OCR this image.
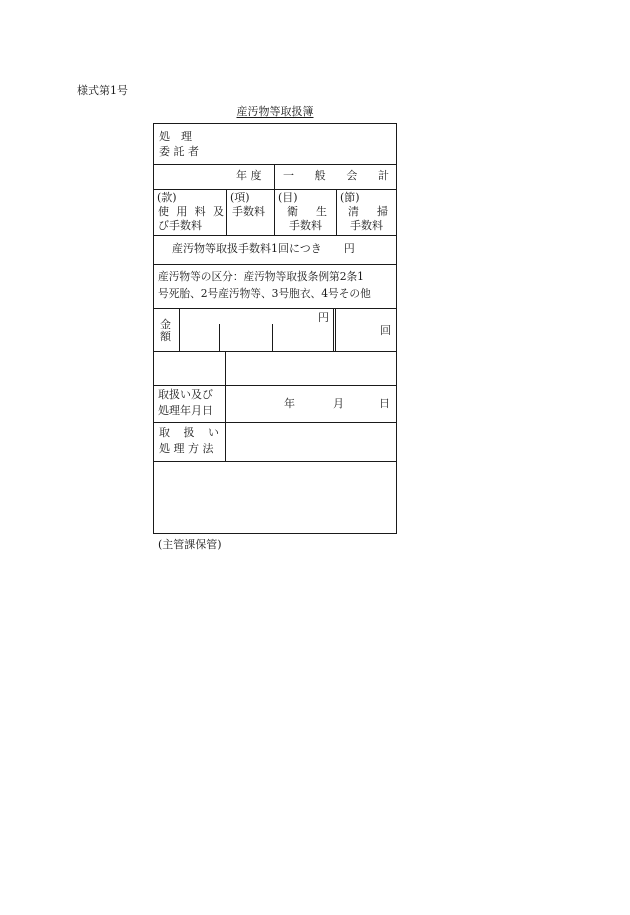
様式第1号
産汚物等取扱簿
処　理
委 託 者
年 度 一 般 会 計
(款)
使 用 料 及
び手数料
(項)
手数料
(目)
衛 生
手数料
(節)
清 掃
手数料
産汚物等取扱手数料1回につき　　円
産汚物等の区分：産汚物等取扱条例第2条1
号死胎、2号産汚物等、3号胞衣、4号その他
金
額
円
回
取扱い及び
処理年月日
年	月	日
取 扱 い
処 理 方 法
(主管課保管)
